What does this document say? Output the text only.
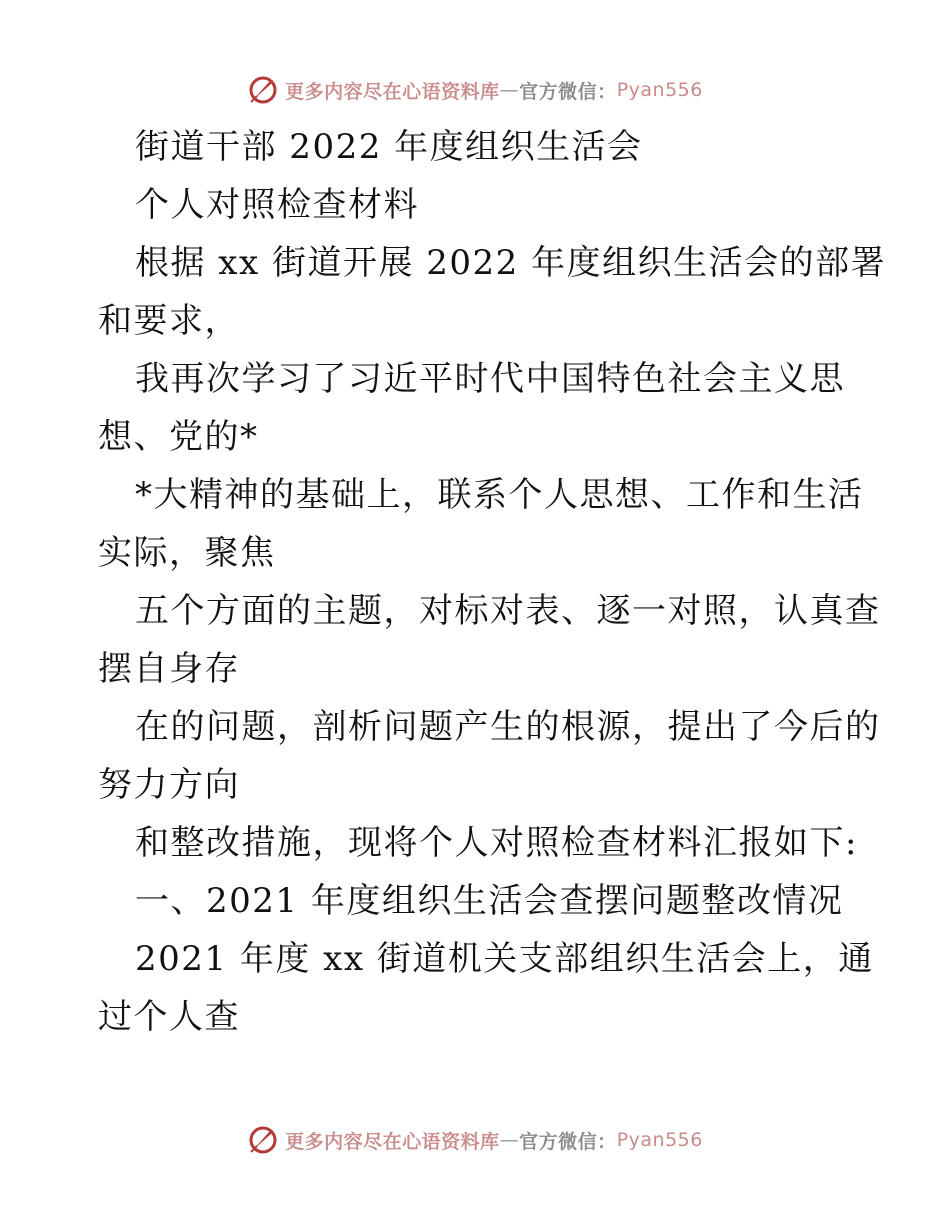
更多内容尽在心语资料库 — 官方微信： Pyan556
街道干部 2022 年度组织生活会
个人对照检查材料
根据 xx 街道开展 2022 年度组织生活会的部署
和要求，
我再次学习了习近平时代中国特色社会主义思
想、党的*
*大精神的基础上，联系个人思想、工作和生活
实际，聚焦
五个方面的主题，对标对表、逐一对照，认真查
摆自身存
在的问题，剖析问题产生的根源，提出了今后的
努力方向
和整改措施，现将个人对照检查材料汇报如下:
一、2021 年度组织生活会查摆问题整改情况
2021 年度 xx 街道机关支部组织生活会上，通
过个人查
更多内容尽在心语资料库 — 官方微信： Pyan556
